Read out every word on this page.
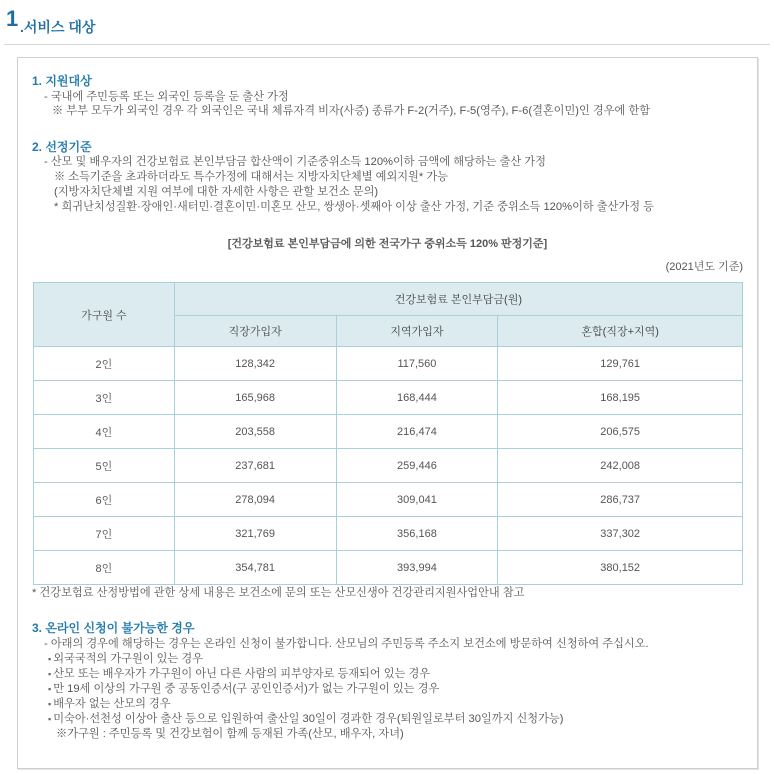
1 .서비스 대상
1. 지원대상
- 국내에 주민등록 또는 외국인 등록을 둔 출산 가정
※ 부부 모두가 외국인 경우 각 외국인은 국내 체류자격 비자(사증) 종류가 F-2(거주), F-5(영주), F-6(결혼이민)인 경우에 한함
2. 선정기준
- 산모 및 배우자의 건강보험료 본인부담금 합산액이 기준중위소득 120%이하 금액에 해당하는 출산 가정
※ 소득기준을 초과하더라도 특수가정에 대해서는 지방자치단체별 예외지원* 가능
(지방자치단체별 지원 여부에 대한 자세한 사항은 관할 보건소 문의)
* 희귀난치성질환·장애인·새터민·결혼이민·미혼모 산모, 쌍생아·셋째아 이상 출산 가정, 기준 중위소득 120%이하 출산가정 등
[건강보험료 본인부담금에 의한 전국가구 중위소득 120% 판정기준]
(2021년도 기준)
가구원 수	건강보험료 본인부담금(원)		
	직장가입자	지역가입자	혼합(직장+지역)
2인	128,342	117,560	129,761
3인	165,968	168,444	168,195
4인	203,558	216,474	206,575
5인	237,681	259,446	242,008
6인	278,094	309,041	286,737
7인	321,769	356,168	337,302
8인	354,781	393,994	380,152
* 건강보험료 산정방법에 관한 상세 내용은 보건소에 문의 또는 산모신생아 건강관리지원사업안내 참고
3. 온라인 신청이 불가능한 경우
- 아래의 경우에 해당하는 경우는 온라인 신청이 불가합니다. 산모님의 주민등록 주소지 보건소에 방문하여 신청하여 주십시오.
▪ 외국국적의 가구원이 있는 경우
▪ 산모 또는 배우자가 가구원이 아닌 다른 사람의 피부양자로 등재되어 있는 경우
▪ 만 19세 이상의 가구원 중 공동인증서(구 공인인증서)가 없는 가구원이 있는 경우
▪ 배우자 없는 산모의 경우
▪ 미숙아·선천성 이상아 출산 등으로 입원하여 출산일 30일이 경과한 경우(퇴원일로부터 30일까지 신청가능)
※가구원 : 주민등록 및 건강보험이 함께 등재된 가족(산모, 배우자, 자녀)
